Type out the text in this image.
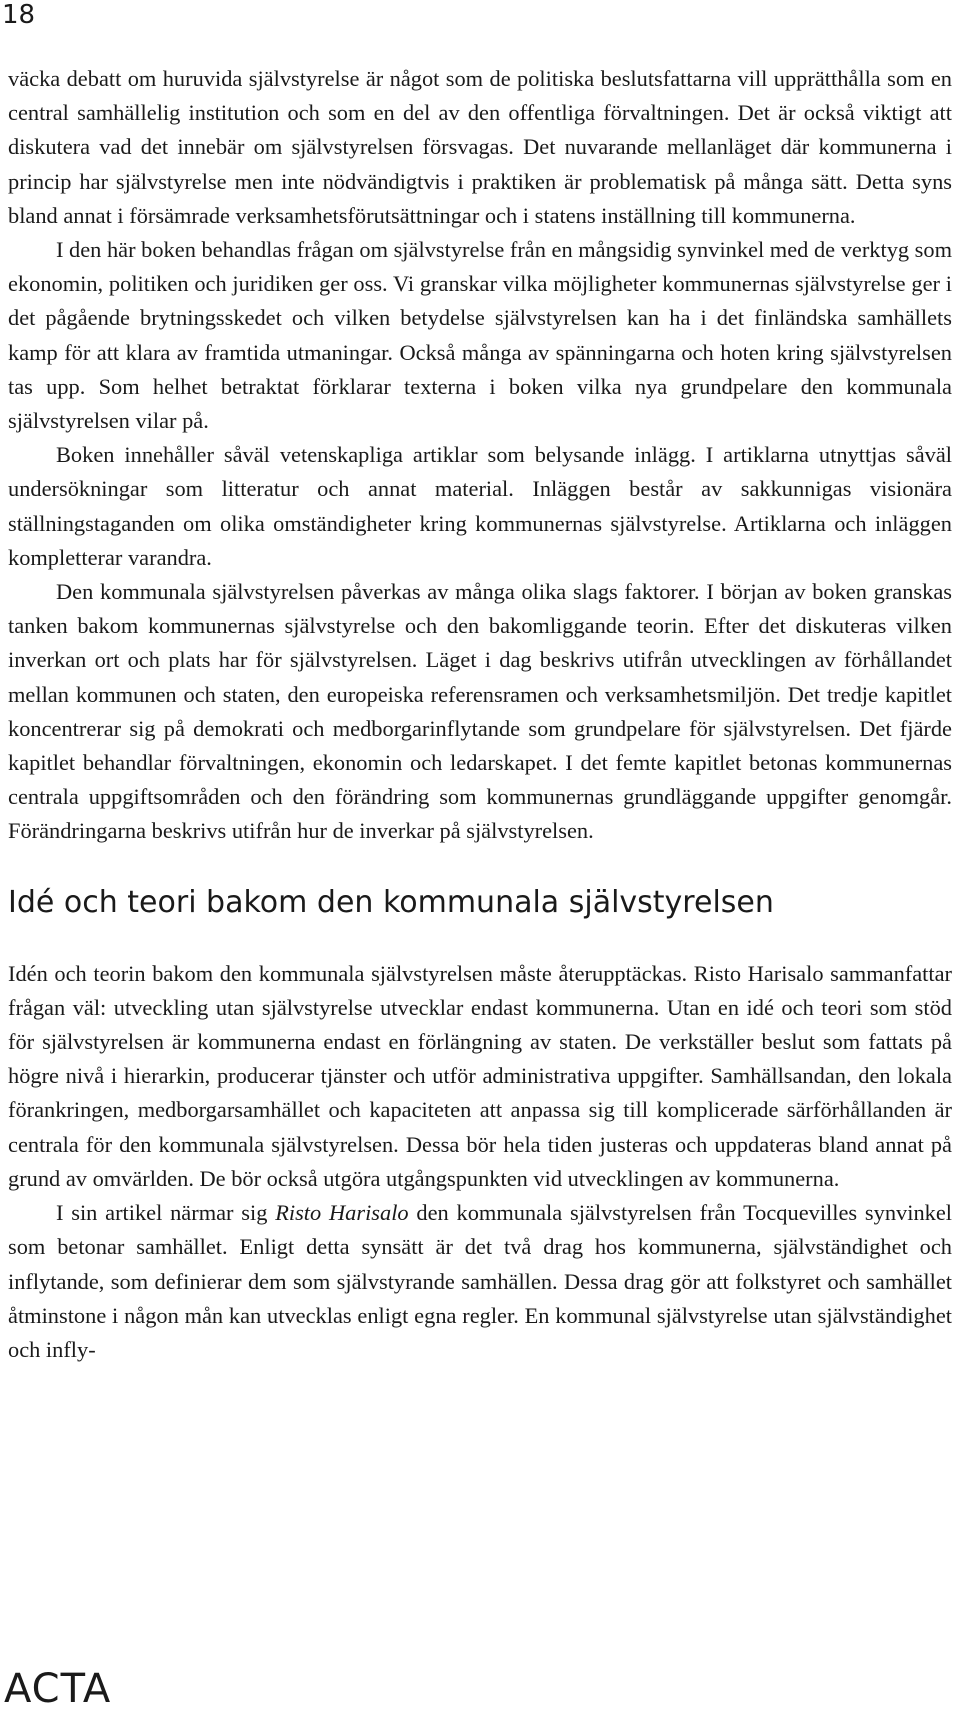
18

väcka debatt om huruvida självstyrelse är något som de politiska beslutsfattarna vill upprätthålla som en central samhällelig institution och som en del av den offentliga förvaltningen. Det är också viktigt att diskutera vad det innebär om självstyrelsen försvagas. Det nuvarande mellanläget där kommunerna i princip har självstyrelse men inte nödvändigtvis i praktiken är problematisk på många sätt. Detta syns bland annat i försämrade verksamhetsförutsättningar och i statens inställning till kommunerna.

I den här boken behandlas frågan om självstyrelse från en mångsidig synvinkel med de verktyg som ekonomin, politiken och juridiken ger oss. Vi granskar vilka möjligheter kommunernas självstyrelse ger i det pågående brytningsskedet och vilken betydelse självstyrelsen kan ha i det finländska samhällets kamp för att klara av framtida utmaningar. Också många av spänningarna och hoten kring självstyrelsen tas upp. Som helhet betraktat förklarar texterna i boken vilka nya grundpelare den kommunala självstyrelsen vilar på.

Boken innehåller såväl vetenskapliga artiklar som belysande inlägg. I artiklarna utnyttjas såväl undersökningar som litteratur och annat material. Inläggen består av sakkunnigas visionära ställningstaganden om olika omständigheter kring kommunernas självstyrelse. Artiklarna och inläggen kompletterar varandra.

Den kommunala självstyrelsen påverkas av många olika slags faktorer. I början av boken granskas tanken bakom kommunernas självstyrelse och den bakomliggande teorin. Efter det diskuteras vilken inverkan ort och plats har för självstyrelsen. Läget i dag beskrivs utifrån utvecklingen av förhållandet mellan kommunen och staten, den europeiska referensramen och verksamhetsmiljön. Det tredje kapitlet koncentrerar sig på demokrati och medborgarinflytande som grundpelare för självstyrelsen. Det fjärde kapitlet behandlar förvaltningen, ekonomin och ledarskapet. I det femte kapitlet betonas kommunernas centrala uppgiftsområden och den förändring som kommunernas grundläggande uppgifter genomgår. Förändringarna beskrivs utifrån hur de inverkar på självstyrelsen.

Idé och teori bakom den kommunala självstyrelsen

Idén och teorin bakom den kommunala självstyrelsen måste återupptäckas. Risto Harisalo sammanfattar frågan väl: utveckling utan självstyrelse utvecklar endast kommunerna. Utan en idé och teori som stöd för självstyrelsen är kommunerna endast en förlängning av staten. De verkställer beslut som fattats på högre nivå i hierarkin, producerar tjänster och utför administrativa uppgifter. Samhällsandan, den lokala förankringen, medborgarsamhället och kapaciteten att anpassa sig till komplicerade särförhållanden är centrala för den kommunala självstyrelsen. Dessa bör hela tiden justeras och uppdateras bland annat på grund av omvärlden. De bör också utgöra utgångspunkten vid utvecklingen av kommunerna.

I sin artikel närmar sig Risto Harisalo den kommunala självstyrelsen från Tocquevilles synvinkel som betonar samhället. Enligt detta synsätt är det två drag hos kommunerna, självständighet och inflytande, som definierar dem som självstyrande samhällen. Dessa drag gör att folkstyret och samhället åtminstone i någon mån kan utvecklas enligt egna regler. En kommunal självstyrelse utan självständighet och infly-

ACTA
